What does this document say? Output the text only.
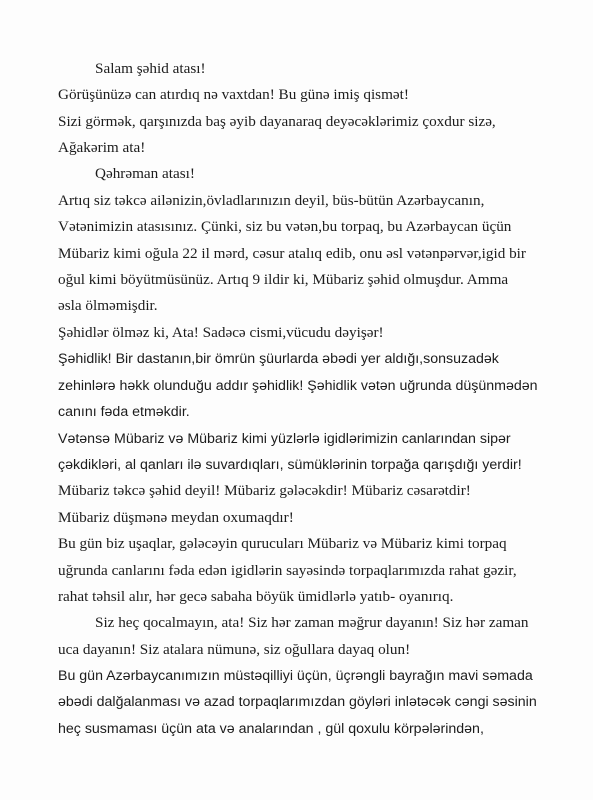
Salam şəhid atası!
Görüşünüzə can atırdıq nə vaxtdan! Bu günə imiş qismət!
Sizi görmək, qarşınızda baş əyib dayanaraq deyəcəklərimiz çoxdur sizə,
Ağakərim ata!
Qəhrəman atası!
Artıq siz təkcə ailənizin,övladlarınızın deyil, büs-bütün Azərbaycanın,
Vətənimizin atasısınız. Çünki, siz bu vətən,bu torpaq, bu Azərbaycan üçün
Mübariz kimi oğula 22 il mərd, cəsur atalıq edib, onu əsl vətənpərvər,igid bir
oğul kimi böyütmüsünüz. Artıq 9 ildir ki, Mübariz şəhid olmuşdur. Amma
əsla ölməmişdir.
Şəhidlər ölməz ki, Ata! Sadəcə cismi,vücudu dəyişər!
Şəhidlik! Bir dastanın,bir ömrün şüurlarda əbədi yer aldığı,sonsuzadək
zehinlərə həkk olunduğu addır şəhidlik! Şəhidlik vətən uğrunda düşünmədən
canını fəda etməkdir.
Vətənsə Mübariz və Mübariz kimi yüzlərlə igidlərimizin canlarından sipər
çəkdikləri, al qanları ilə suvardıqları, sümüklərinin torpağa qarışdığı yerdir!
Mübariz təkcə şəhid deyil! Mübariz gələcəkdir! Mübariz cəsarətdir!
Mübariz düşmənə meydan oxumaqdır!
Bu gün biz uşaqlar, gələcəyin qurucuları Mübariz və Mübariz kimi torpaq
uğrunda canlarını fəda edən igidlərin sayəsində torpaqlarımızda rahat gəzir,
rahat təhsil alır, hər gecə sabaha böyük ümidlərlə yatıb- oyanırıq.
Siz heç qocalmayın, ata! Siz hər zaman məğrur dayanın! Siz hər zaman
uca dayanın! Siz atalara nümunə, siz oğullara dayaq olun!
Bu gün Azərbaycanımızın müstəqilliyi üçün, üçrəngli bayrağın mavi səmada
əbədi dalğalanması və azad torpaqlarımızdan göyləri inlətəcək cəngi səsinin
heç susmaması üçün ata və analarından , gül qoxulu körpələrindən,
